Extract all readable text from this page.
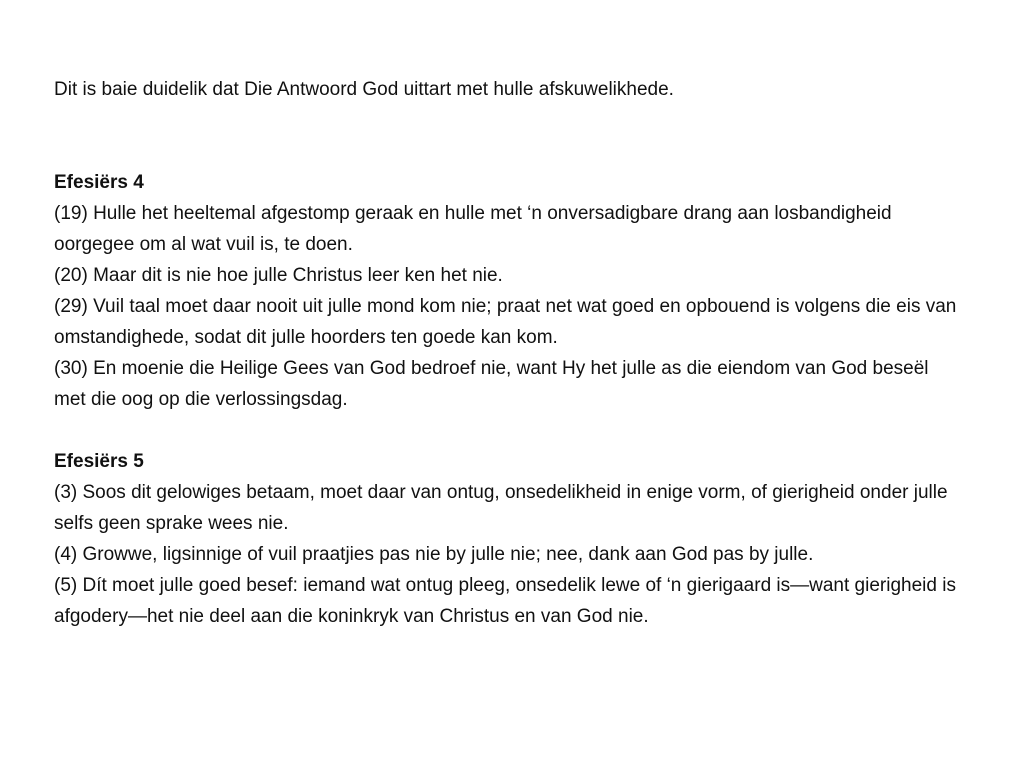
Dit is baie duidelik dat Die Antwoord God uittart met hulle afskuwelikhede.

Efesiërs 4

(19) Hulle het heeltemal afgestomp geraak en hulle met ‘n onversadigbare drang aan losbandigheid oorgegee om al wat vuil is, te doen.

(20) Maar dit is nie hoe julle Christus leer ken het nie.

(29) Vuil taal moet daar nooit uit julle mond kom nie; praat net wat goed en opbouend is volgens die eis van omstandighede, sodat dit julle hoorders ten goede kan kom.

(30) En moenie die Heilige Gees van God bedroef nie, want Hy het julle as die eiendom van God beseël met die oog op die verlossingsdag.

Efesiërs 5

(3) Soos dit gelowiges betaam, moet daar van ontug, onsedelikheid in enige vorm, of gierigheid onder julle selfs geen sprake wees nie.

(4) Growwe, ligsinnige of vuil praatjies pas nie by julle nie; nee, dank aan God pas by julle.

(5) Dít moet julle goed besef: iemand wat ontug pleeg, onsedelik lewe of ‘n gierigaard is—want gierigheid is afgodery—het nie deel aan die koninkryk van Christus en van God nie.
